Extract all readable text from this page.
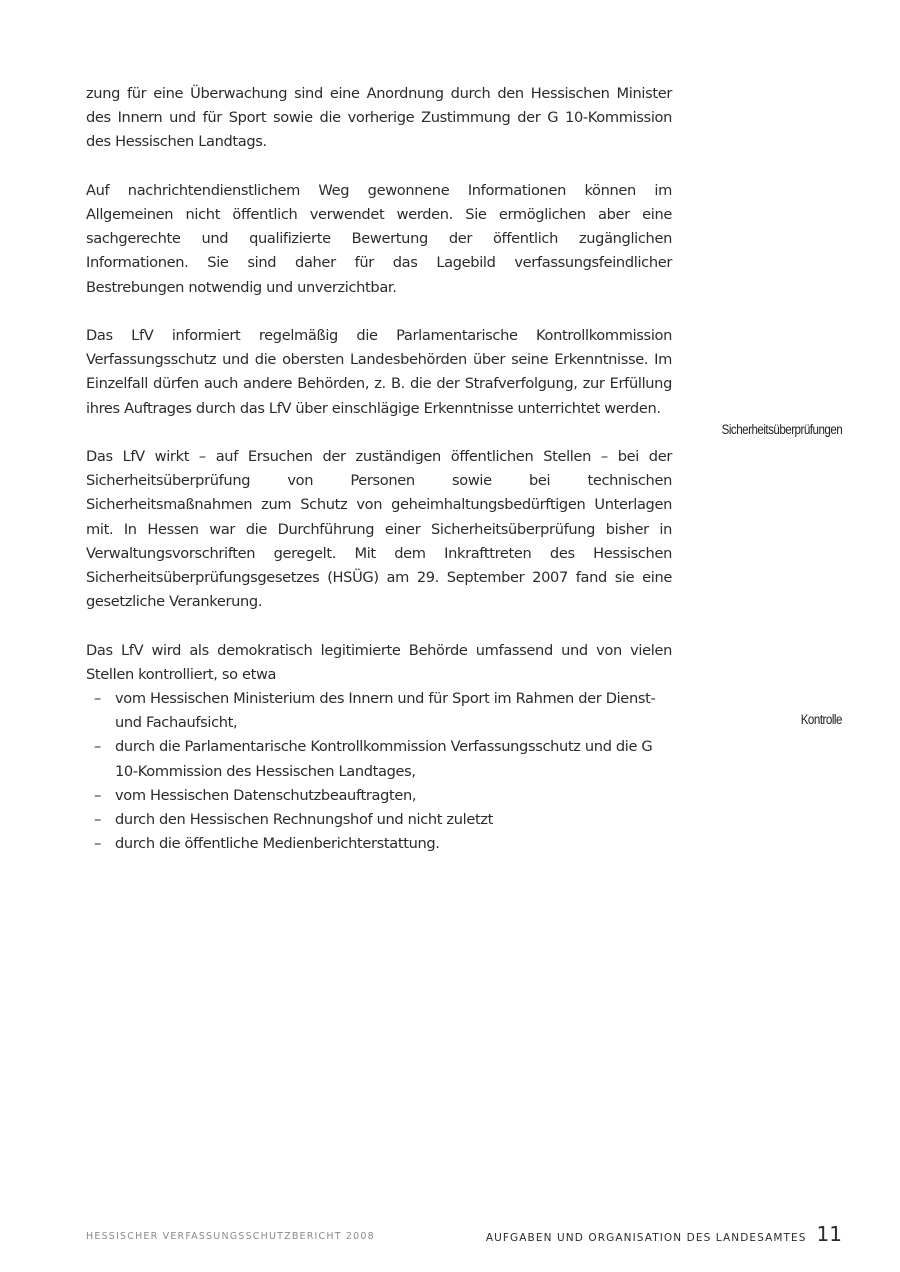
zung für eine Überwachung sind eine Anordnung durch den Hessischen Minister des Innern und für Sport sowie die vorherige Zustimmung der G 10-Kommission des Hessischen Landtags.

Auf nachrichtendienstlichem Weg gewonnene Informationen können im Allgemeinen nicht öffentlich verwendet werden. Sie ermöglichen aber eine sachgerechte und qualifizierte Bewertung der öffentlich zugänglichen Informationen. Sie sind daher für das Lagebild verfassungsfeindlicher Bestrebungen notwendig und unverzichtbar.

Das LfV informiert regelmäßig die Parlamentarische Kontrollkommission Verfassungsschutz und die obersten Landesbehörden über seine Erkenntnisse. Im Einzelfall dürfen auch andere Behörden, z. B. die der Strafverfolgung, zur Erfüllung ihres Auftrages durch das LfV über einschlägige Erkenntnisse unterrichtet werden.

Das LfV wirkt – auf Ersuchen der zuständigen öffentlichen Stellen – bei der Sicherheitsüberprüfung von Personen sowie bei technischen Sicherheitsmaßnahmen zum Schutz von geheimhaltungsbedürftigen Unterlagen mit. In Hessen war die Durchführung einer Sicherheitsüberprüfung bisher in Verwaltungsvorschriften geregelt. Mit dem Inkrafttreten des Hessischen Sicherheitsüberprüfungsgesetzes (HSÜG) am 29. September 2007 fand sie eine gesetzliche Verankerung.

Das LfV wird als demokratisch legitimierte Behörde umfassend und von vielen Stellen kontrolliert, so etwa

– vom Hessischen Ministerium des Innern und für Sport im Rahmen der Dienst- und Fachaufsicht,
– durch die Parlamentarische Kontrollkommission Verfassungsschutz und die G 10-Kommission des Hessischen Landtages,
– vom Hessischen Datenschutzbeauftragten,
– durch den Hessischen Rechnungshof und nicht zuletzt
– durch die öffentliche Medienberichterstattung.
Sicherheitsüberprüfungen
Kontrolle
HESSISCHER VERFASSUNGSSCHUTZBERICHT 2008	AUFGABEN UND ORGANISATION DES LANDESAMTES 11
